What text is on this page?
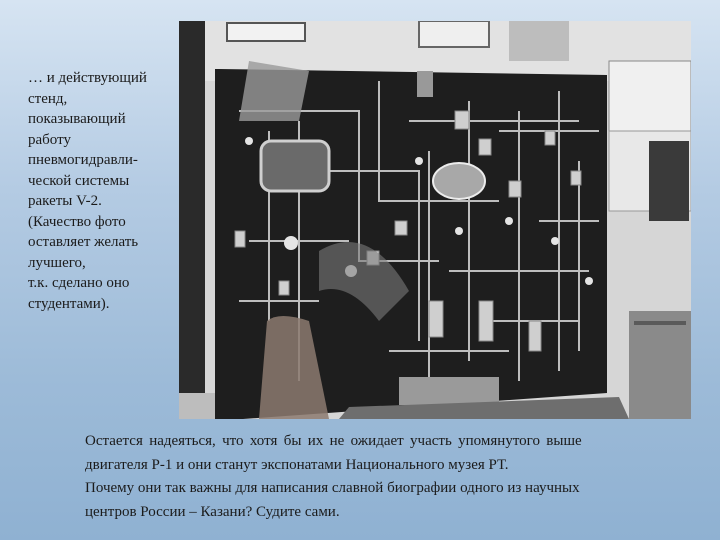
… и действующий
стенд,
показывающий
работу
пневмогидравли-
ческой системы
ракеты V-2.
(Качество фото
оставляет желать
лучшего,
т.к. сделано оно
студентами).
Остается надеяться, что хотя бы их не ожидает участь упомянутого выше
двигателя Р-1 и они станут экспонатами Национального музея РТ.
Почему они так важны для написания славной биографии одного из научных
центров России – Казани? Судите сами.
